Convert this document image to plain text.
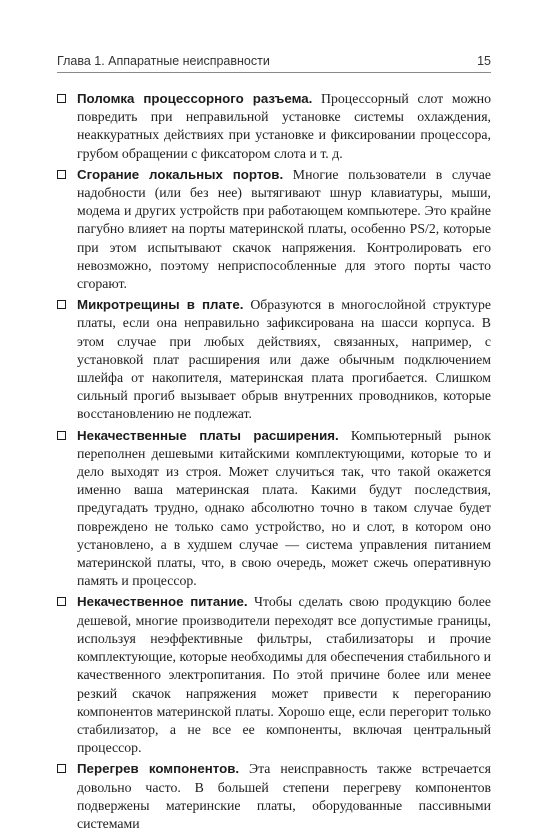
Глава 1. Аппаратные неисправности	15
Поломка процессорного разъема. Процессорный слот можно повредить при неправильной установке системы охлаждения, неаккуратных действиях при установке и фиксировании процессора, грубом обращении с фиксатором слота и т. д.
Сгорание локальных портов. Многие пользователи в случае надобности (или без нее) вытягивают шнур клавиатуры, мыши, модема и других устройств при работающем компьютере. Это крайне пагубно влияет на порты материнской платы, особенно PS/2, которые при этом испытывают скачок напряжения. Контролировать его невозможно, поэтому неприспособленные для этого порты часто сгорают.
Микротрещины в плате. Образуются в многослойной структуре платы, если она неправильно зафиксирована на шасси корпуса. В этом случае при любых действиях, связанных, например, с установкой плат расширения или даже обычным подключением шлейфа от накопителя, материнская плата прогибается. Слишком сильный прогиб вызывает обрыв внутренних проводников, которые восстановлению не подлежат.
Некачественные платы расширения. Компьютерный рынок переполнен дешевыми китайскими комплектующими, которые то и дело выходят из строя. Может случиться так, что такой окажется именно ваша материнская плата. Какими будут последствия, предугадать трудно, однако абсолютно точно в таком случае будет повреждено не только само устройство, но и слот, в котором оно установлено, а в худшем случае — система управления питанием материнской платы, что, в свою очередь, может сжечь оперативную память и процессор.
Некачественное питание. Чтобы сделать свою продукцию более дешевой, многие производители переходят все допустимые границы, используя неэффективные фильтры, стабилизаторы и прочие комплектующие, которые необходимы для обеспечения стабильного и качественного электропитания. По этой причине более или менее резкий скачок напряжения может привести к перегоранию компонентов материнской платы. Хорошо еще, если перегорит только стабилизатор, а не все ее компоненты, включая центральный процессор.
Перегрев компонентов. Эта неисправность также встречается довольно часто. В большей степени перегреву компонентов подвержены материнские платы, оборудованные пассивными системами
